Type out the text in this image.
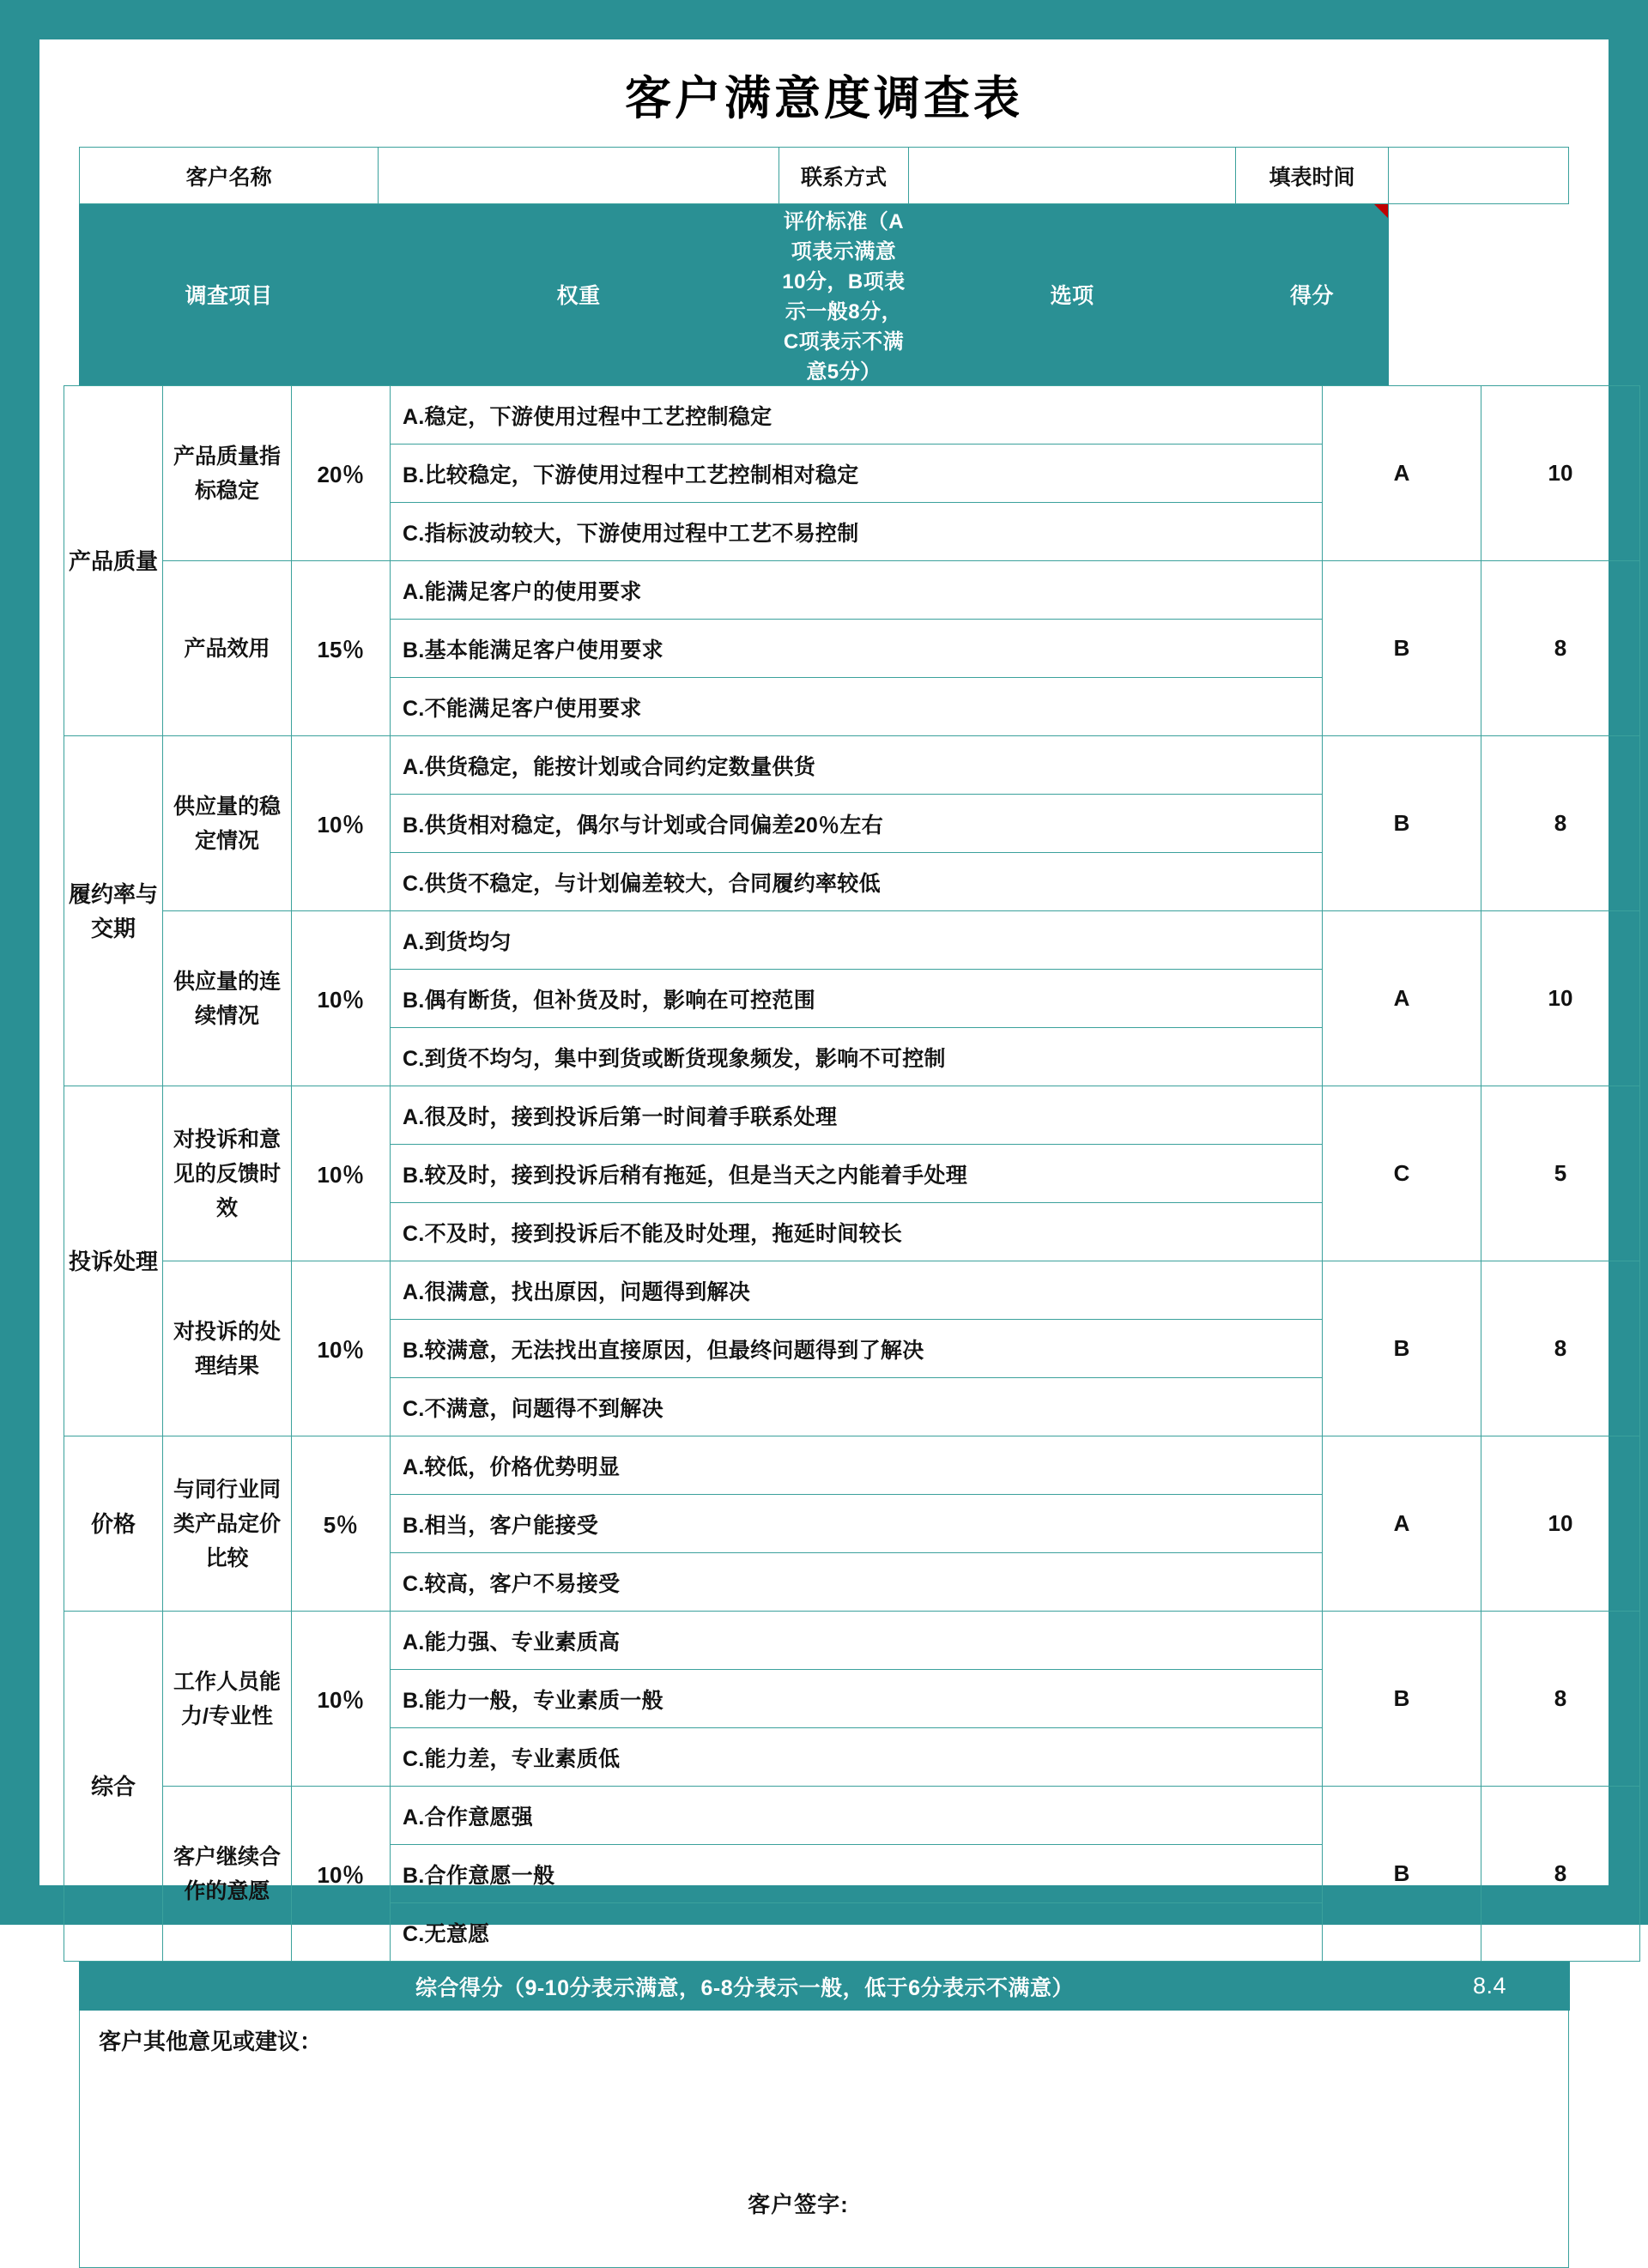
客户满意度调查表
客户名称		联系方式		填表时间	
调查项目	权重	评价标准（A项表示满意10分，B项表示一般8分，C项表示不满意5分）	选项	得分	
产品质量	产品质量指标稳定	20％	A.稳定，下游使用过程中工艺控制稳定	A	10
			B.比较稳定，下游使用过程中工艺控制相对稳定		
			C.指标波动较大，下游使用过程中工艺不易控制		
	产品效用	15％	A.能满足客户的使用要求	B	8
			B.基本能满足客户使用要求		
			C.不能满足客户使用要求		
履约率与交期	供应量的稳定情况	10％	A.供货稳定，能按计划或合同约定数量供货	B	8
			B.供货相对稳定，偶尔与计划或合同偏差20％左右		
			C.供货不稳定，与计划偏差较大，合同履约率较低		
	供应量的连续情况	10％	A.到货均匀	A	10
			B.偶有断货，但补货及时，影响在可控范围		
			C.到货不均匀，集中到货或断货现象频发，影响不可控制		
投诉处理	对投诉和意见的反馈时效	10％	A.很及时，接到投诉后第一时间着手联系处理	C	5
			B.较及时，接到投诉后稍有拖延，但是当天之内能着手处理		
			C.不及时，接到投诉后不能及时处理，拖延时间较长		
	对投诉的处理结果	10％	A.很满意，找出原因，问题得到解决	B	8
			B.较满意，无法找出直接原因，但最终问题得到了解决		
			C.不满意，问题得不到解决		
价格	与同行业同类产品定价比较	5％	A.较低，价格优势明显	A	10
			B.相当，客户能接受		
			C.较高，客户不易接受		
综合	工作人员能力/专业性	10％	A.能力强、专业素质高	B	8
			B.能力一般，专业素质一般		
			C.能力差，专业素质低		
	客户继续合作的意愿	10％	A.合作意愿强	B	8
			B.合作意愿一般		
			C.无意愿		
综合得分（9-10分表示满意，6-8分表示一般，低于6分表示不满意）	8.4
客户其他意见或建议：
客户签字:
